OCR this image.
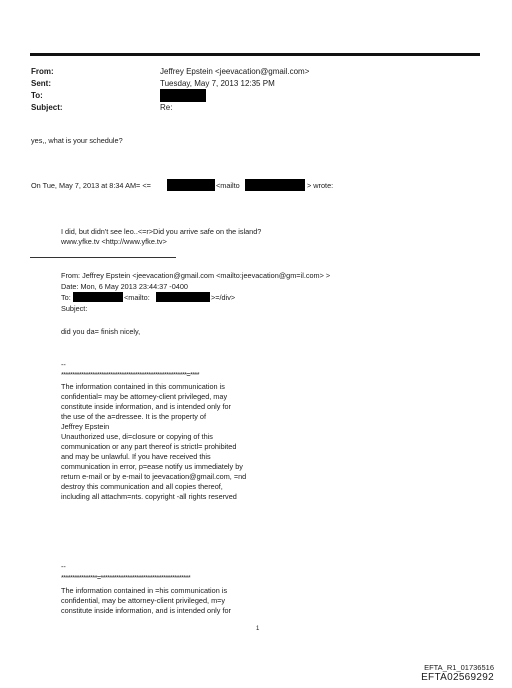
From:	Jeffrey Epstein <jeevacation@gmail.com>
Sent:	Tuesday, May 7, 2013 12:35 PM
To:
Subject:	Re:
yes,, what is your schedule?
On Tue, May 7, 2013 at 8:34 AM= <=	<mailto	> wrote:
I did, but didn't see leo..<=r>Did you arrive safe on the island?
www.yfke.tv <http://www.yfke.tv>
From: Jeffrey Epstein <jeevacation@gmail.com <mailto:jeevacation@gm=il.com> >
Date: Mon, 6 May 2013 23:44:37 -0400
To:	<mailto:	>=/div>
Subject:
did you da= finish nicely,
--
********************************************************=****
The information contained in this communication is
confidential= may be attorney-client privileged, may
constitute inside information, and is intended only for
the use of the a=dressee. It is the property of
Jeffrey Epstein
Unauthorized use, di=closure or copying of this
communication or any part thereof is strictl= prohibited
and may be unlawful. If you have received this
communication in error, p=ease notify us immediately by
return e-mail or by e-mail to jeevacation@gmail.com, =nd
destroy this communication and all copies thereof,
including all attachm=nts. copyright -all rights reserved
--
****************=****************************************
The information contained in =his communication is
confidential, may be attorney-client privileged, m=y
constitute inside information, and is intended only for
1
EFTA_R1_01736516
EFTA02569292
